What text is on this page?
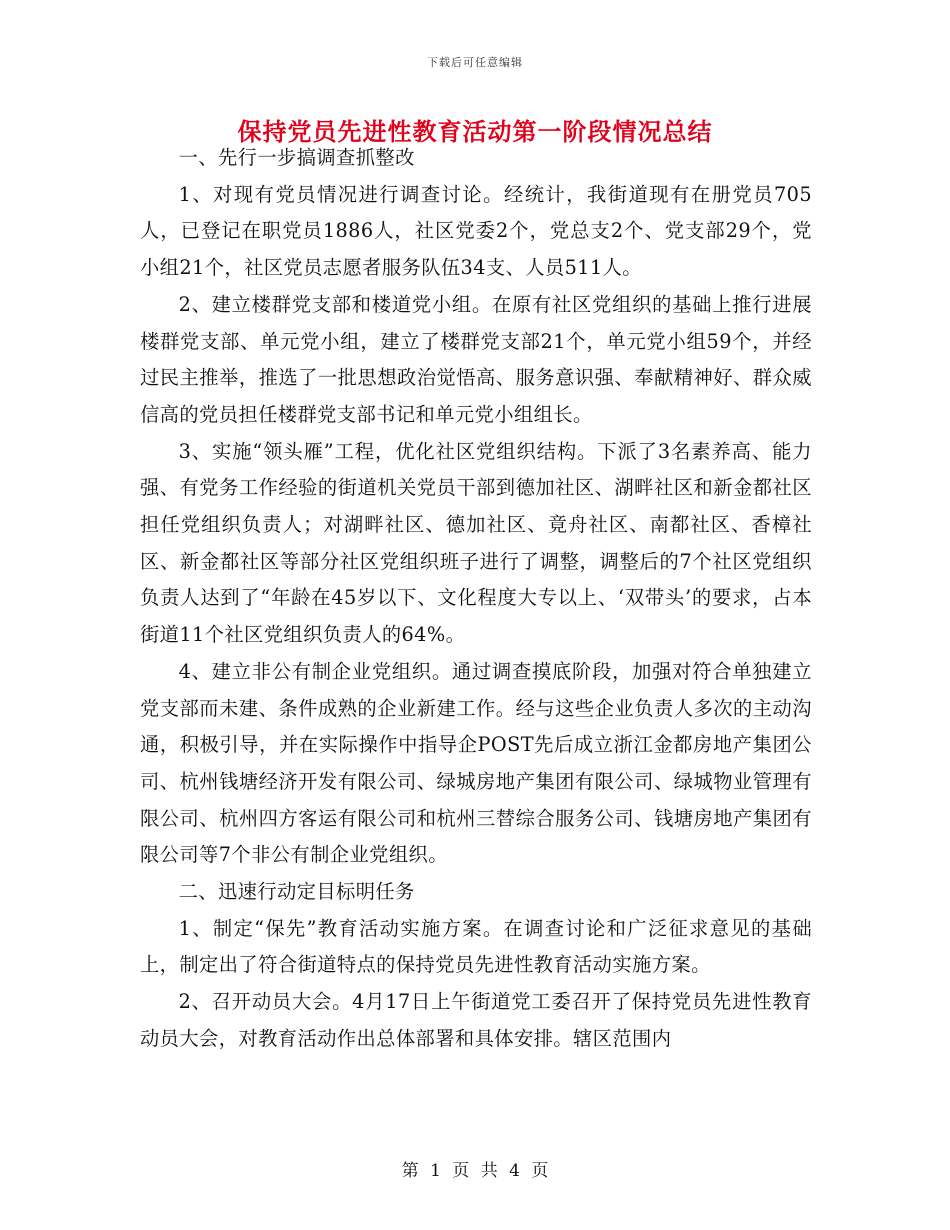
下载后可任意编辑
保持党员先进性教育活动第一阶段情况总结

一、先行一步搞调查抓整改

1、对现有党员情况进行调查讨论。经统计，我街道现有在册党员705人，已登记在职党员1886人，社区党委2个，党总支2个、党支部29个，党小组21个，社区党员志愿者服务队伍34支、人员511人。

2、建立楼群党支部和楼道党小组。在原有社区党组织的基础上推行进展楼群党支部、单元党小组，建立了楼群党支部21个，单元党小组59个，并经过民主推举，推选了一批思想政治觉悟高、服务意识强、奉献精神好、群众威信高的党员担任楼群党支部书记和单元党小组组长。

3、实施“领头雁”工程，优化社区党组织结构。下派了3名素养高、能力强、有党务工作经验的街道机关党员干部到德加社区、湖畔社区和新金都社区担任党组织负责人；对湖畔社区、德加社区、竟舟社区、南都社区、香樟社区、新金都社区等部分社区党组织班子进行了调整，调整后的7个社区党组织负责人达到了“年龄在45岁以下、文化程度大专以上、‘双带头’的要求，占本街道11个社区党组织负责人的64%。

4、建立非公有制企业党组织。通过调查摸底阶段，加强对符合单独建立党支部而未建、条件成熟的企业新建工作。经与这些企业负责人多次的主动沟通，积极引导，并在实际操作中指导企POST先后成立浙江金都房地产集团公司、杭州钱塘经济开发有限公司、绿城房地产集团有限公司、绿城物业管理有限公司、杭州四方客运有限公司和杭州三替综合服务公司、钱塘房地产集团有限公司等7个非公有制企业党组织。

二、迅速行动定目标明任务

1、制定“保先”教育活动实施方案。在调查讨论和广泛征求意见的基础上，制定出了符合街道特点的保持党员先进性教育活动实施方案。

2、召开动员大会。4月17日上午街道党工委召开了保持党员先进性教育动员大会，对教育活动作出总体部署和具体安排。辖区范围内

第 1 页 共 4 页
